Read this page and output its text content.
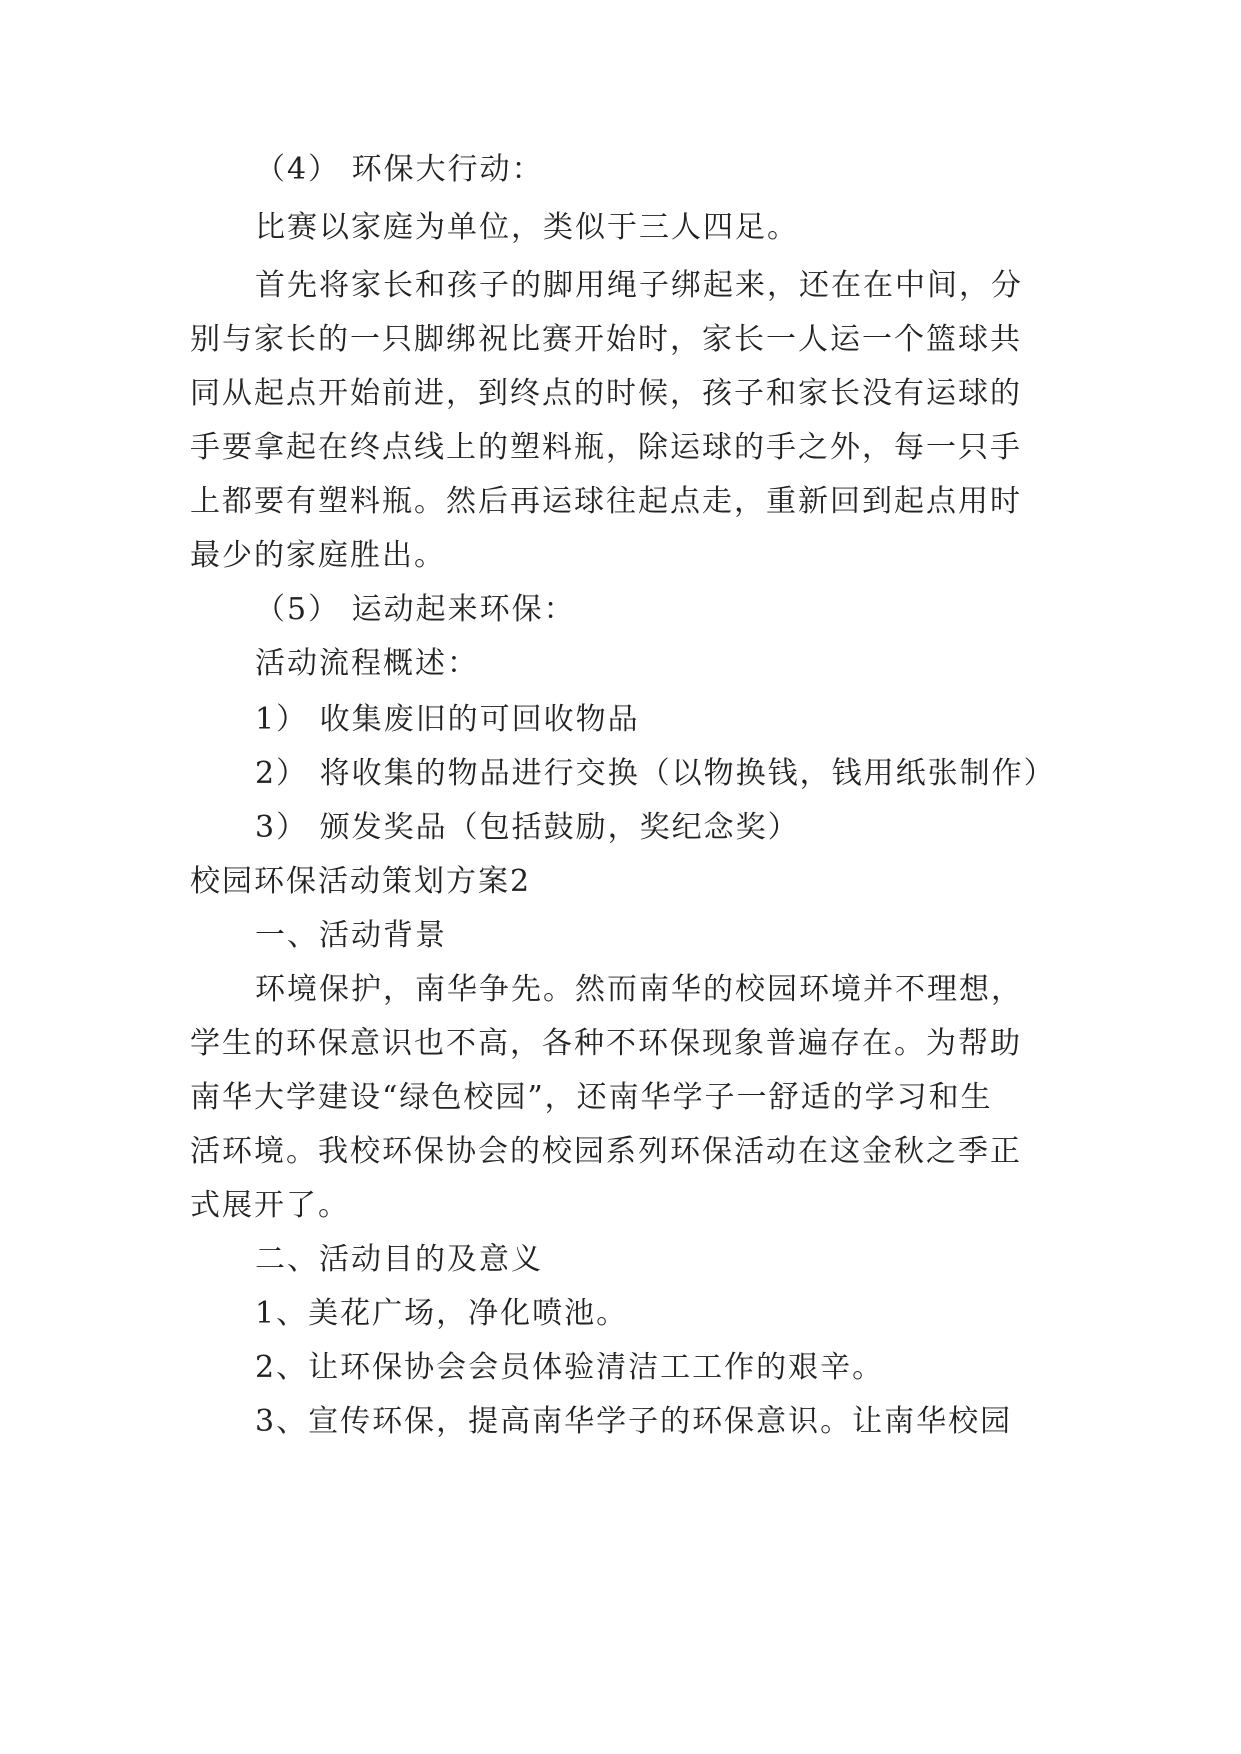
（4） 环保大行动：
比赛以家庭为单位，类似于三人四足。
首先将家长和孩子的脚用绳子绑起来，还在在中间，分
别与家长的一只脚绑祝比赛开始时，家长一人运一个篮球共
同从起点开始前进，到终点的时候，孩子和家长没有运球的
手要拿起在终点线上的塑料瓶，除运球的手之外，每一只手
上都要有塑料瓶。然后再运球往起点走，重新回到起点用时
最少的家庭胜出。
（5） 运动起来环保：
活动流程概述：
1） 收集废旧的可回收物品
2） 将收集的物品进行交换（以物换钱，钱用纸张制作）
3） 颁发奖品（包括鼓励，奖纪念奖）
校园环保活动策划方案2
一、活动背景
环境保护，南华争先。然而南华的校园环境并不理想，
学生的环保意识也不高，各种不环保现象普遍存在。为帮助
南华大学建设“绿色校园”，还南华学子一舒适的学习和生
活环境。我校环保协会的校园系列环保活动在这金秋之季正
式展开了。
二、活动目的及意义
1、美花广场，净化喷池。
2、让环保协会会员体验清洁工工作的艰辛。
3、宣传环保，提高南华学子的环保意识。让南华校园
